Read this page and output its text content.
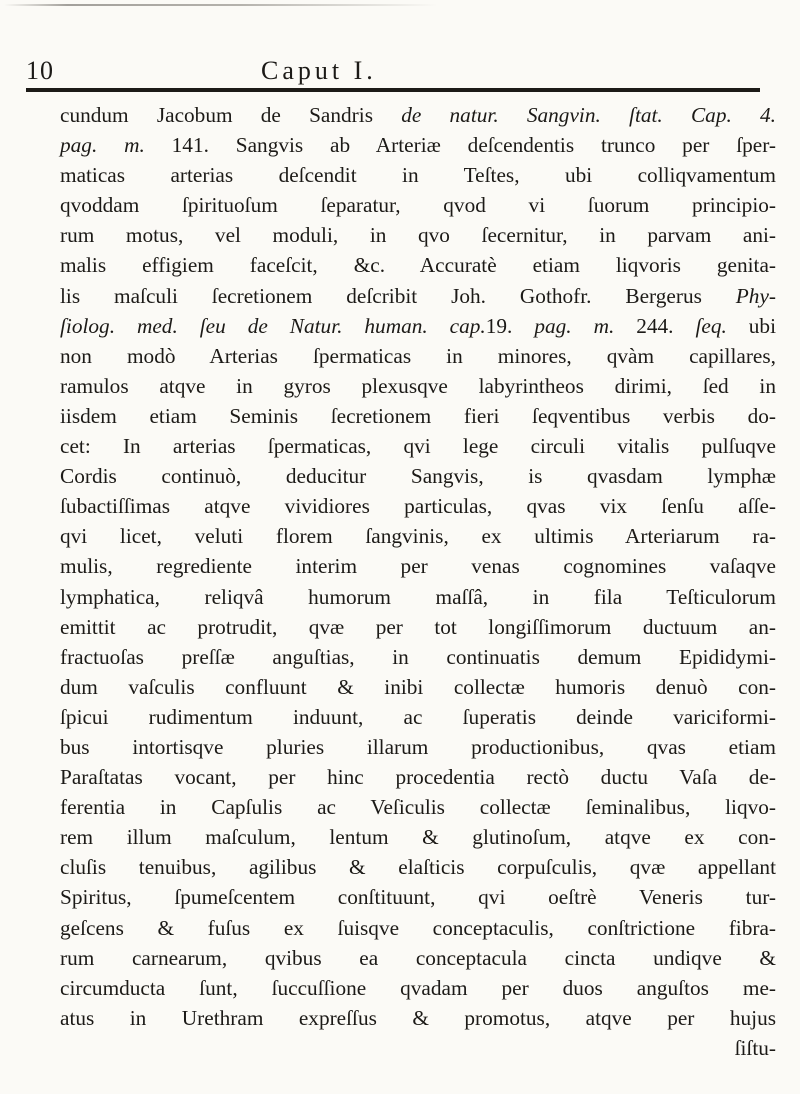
10	Caput I.
cundum Jacobum de Sandris de natur. Sangvin. ſtat. Cap. 4.
pag. m. 141. Sangvis ab Arteriæ deſcendentis trunco per ſper-
maticas arterias deſcendit in Teſtes, ubi colliqvamentum
qvoddam ſpirituoſum ſeparatur, qvod vi ſuorum principio-
rum motus, vel moduli, in qvo ſecernitur, in parvam ani-
malis effigiem faceſcit, &c. Accuratè etiam liqvoris genita-
lis maſculi ſecretionem deſcribit Joh. Gothofr. Bergerus Phy-
ſiolog. med. ſeu de Natur. human. cap.19. pag. m. 244. ſeq. ubi
non modò Arterias ſpermaticas in minores, qvàm capillares,
ramulos atqve in gyros plexusqve labyrintheos dirimi, ſed in
iisdem etiam Seminis ſecretionem fieri ſeqventibus verbis do-
cet: In arterias ſpermaticas, qvi lege circuli vitalis pulſuqve
Cordis continuò, deducitur Sangvis, is qvasdam lymphæ
ſubactiſſimas atqve vividiores particulas, qvas vix ſenſu aſſe-
qvi licet, veluti florem ſangvinis, ex ultimis Arteriarum ra-
mulis, regrediente interim per venas cognomines vaſaqve
lymphatica, reliqvâ humorum maſſâ, in fila Teſticulorum
emittit ac protrudit, qvæ per tot longiſſimorum ductuum an-
fractuoſas preſſæ anguſtias, in continuatis demum Epididymi-
dum vaſculis confluunt & inibi collectæ humoris denuò con-
ſpicui rudimentum induunt, ac ſuperatis deinde variciformi-
bus intortisqve pluries illarum productionibus, qvas etiam
Paraſtatas vocant, per hinc procedentia rectò ductu Vaſa de-
ferentia in Capſulis ac Veſiculis collectæ ſeminalibus, liqvo-
rem illum maſculum, lentum & glutinoſum, atqve ex con-
cluſis tenuibus, agilibus & elaſticis corpuſculis, qvæ appellant
Spiritus, ſpumeſcentem conſtituunt, qvi oeſtrè Veneris tur-
geſcens & fuſus ex ſuisqve conceptaculis, conſtrictione fibra-
rum carnearum, qvibus ea conceptacula cincta undiqve &
circumducta ſunt, ſuccuſſione qvadam per duos anguſtos me-
atus in Urethram expreſſus & promotus, atqve per hujus
ſiſtu-
